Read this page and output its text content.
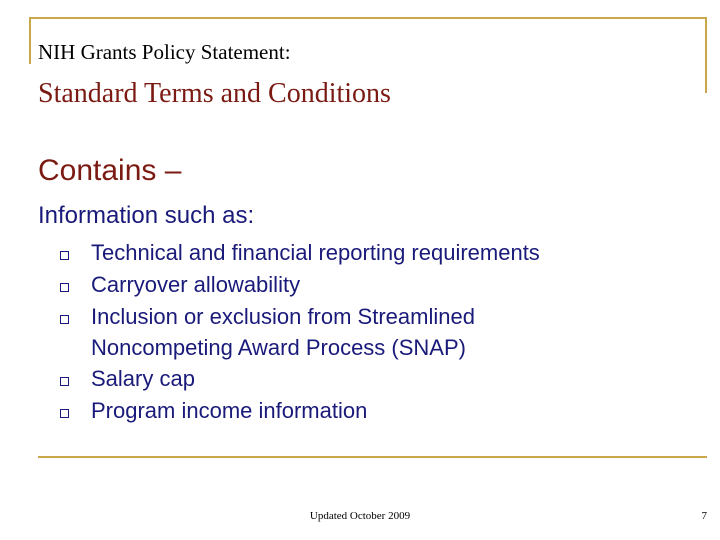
NIH Grants Policy Statement:
Standard Terms and Conditions
Contains –
Information such as:
Technical and financial reporting requirements
Carryover allowability
Inclusion or exclusion from Streamlined
Noncompeting Award Process (SNAP)
Salary cap
Program income information
Updated October 2009	7
